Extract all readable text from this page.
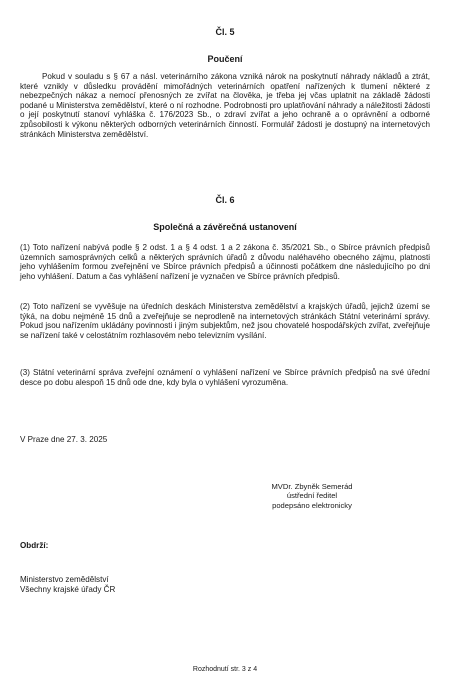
Čl. 5
Poučení

Pokud v souladu s § 67 a násl. veterinárního zákona vzniká nárok na poskytnutí náhrady nákladů a ztrát, které vznikly v důsledku provádění mimořádných veterinárních opatření nařízených k tlumení některé z nebezpečných nákaz a nemocí přenosných ze zvířat na člověka, je třeba jej včas uplatnit na základě žádosti podané u Ministerstva zemědělství, které o ní rozhodne. Podrobnosti pro uplatňování náhrady a náležitosti žádosti o její poskytnutí stanoví vyhláška č. 176/2023 Sb., o zdraví zvířat a jeho ochraně a o oprávnění a odborné způsobilosti k výkonu některých odborných veterinárních činností. Formulář žádosti je dostupný na internetových stránkách Ministerstva zemědělství.

Čl. 6
Společná a závěrečná ustanovení

(1) Toto nařízení nabývá podle § 2 odst. 1 a § 4 odst. 1 a 2 zákona č. 35/2021 Sb., o Sbírce právních předpisů územních samosprávných celků a některých správních úřadů z důvodu naléhavého obecného zájmu, platnosti jeho vyhlášením formou zveřejnění ve Sbírce právních předpisů a účinnosti počátkem dne následujícího po dni jeho vyhlášení. Datum a čas vyhlášení nařízení je vyznačen ve Sbírce právních předpisů.

(2) Toto nařízení se vyvěšuje na úředních deskách Ministerstva zemědělství a krajských úřadů, jejichž území se týká, na dobu nejméně 15 dnů a zveřejňuje se neprodleně na internetových stránkách Státní veterinární správy. Pokud jsou nařízením ukládány povinnosti i jiným subjektům, než jsou chovatelé hospodářských zvířat, zveřejňuje se nařízení také v celostátním rozhlasovém nebo televizním vysílání.

(3) Státní veterinární správa zveřejní oznámení o vyhlášení nařízení ve Sbírce právních předpisů na své úřední desce po dobu alespoň 15 dnů ode dne, kdy byla o vyhlášení vyrozuměna.

V Praze dne 27. 3. 2025

MVDr. Zbyněk Semerád
ústřední ředitel
podepsáno elektronicky

Obdrží:

Ministerstvo zemědělství

Všechny krajské úřady ČR

Rozhodnutí str. 3 z 4
